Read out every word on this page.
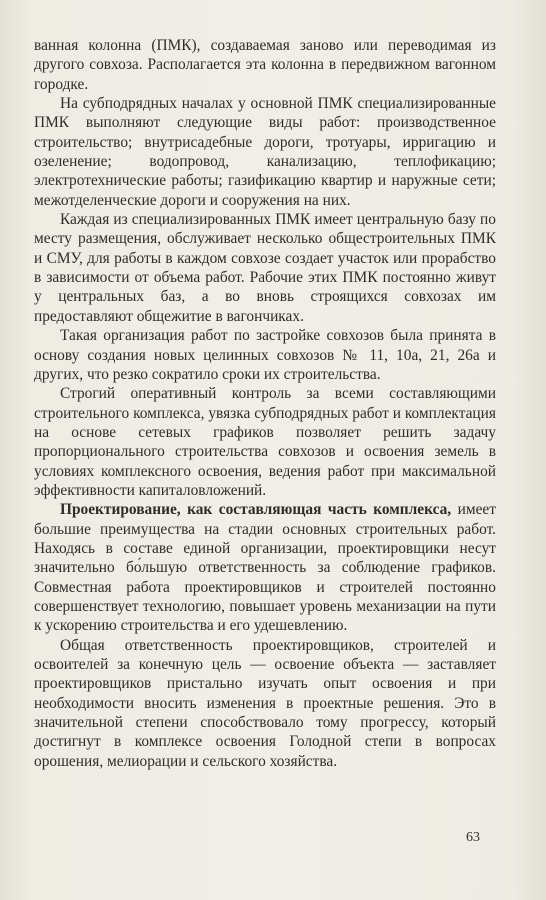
ванная колонна (ПМК), создаваемая заново или переводимая из другого совхоза. Располагается эта колонна в передвижном вагонном городке.

На субподрядных началах у основной ПМК специализированные ПМК выполняют следующие виды работ: производственное строительство; внутрисадебные дороги, тротуары, ирригацию и озеленение; водопровод, канализацию, теплофикацию; электротехнические работы; газификацию квартир и наружные сети; межотделенческие дороги и сооружения на них.

Каждая из специализированных ПМК имеет центральную базу по месту размещения, обслуживает несколько общестроительных ПМК и СМУ, для работы в каждом совхозе создает участок или прорабство в зависимости от объема работ. Рабочие этих ПМК постоянно живут у центральных баз, а во вновь строящихся совхозах им предоставляют общежитие в вагончиках.

Такая организация работ по застройке совхозов была принята в основу создания новых целинных совхозов № 11, 10а, 21, 26а и других, что резко сократило сроки их строительства.

Строгий оперативный контроль за всеми составляющими строительного комплекса, увязка субподрядных работ и комплектация на основе сетевых графиков позволяет решить задачу пропорционального строительства совхозов и освоения земель в условиях комплексного освоения, ведения работ при максимальной эффективности капиталовложений.

Проектирование, как составляющая часть комплекса, имеет большие преимущества на стадии основных строительных работ. Находясь в составе единой организации, проектировщики несут значительно бо́льшую ответственность за соблюдение графиков. Совместная работа проектировщиков и строителей постоянно совершенствует технологию, повышает уровень механизации на пути к ускорению строительства и его удешевлению.

Общая ответственность проектировщиков, строителей и освоителей за конечную цель — освоение объекта — заставляет проектировщиков пристально изучать опыт освоения и при необходимости вносить изменения в проектные решения. Это в значительной степени способствовало тому прогрессу, который достигнут в комплексе освоения Голодной степи в вопросах орошения, мелиорации и сельского хозяйства.

63
